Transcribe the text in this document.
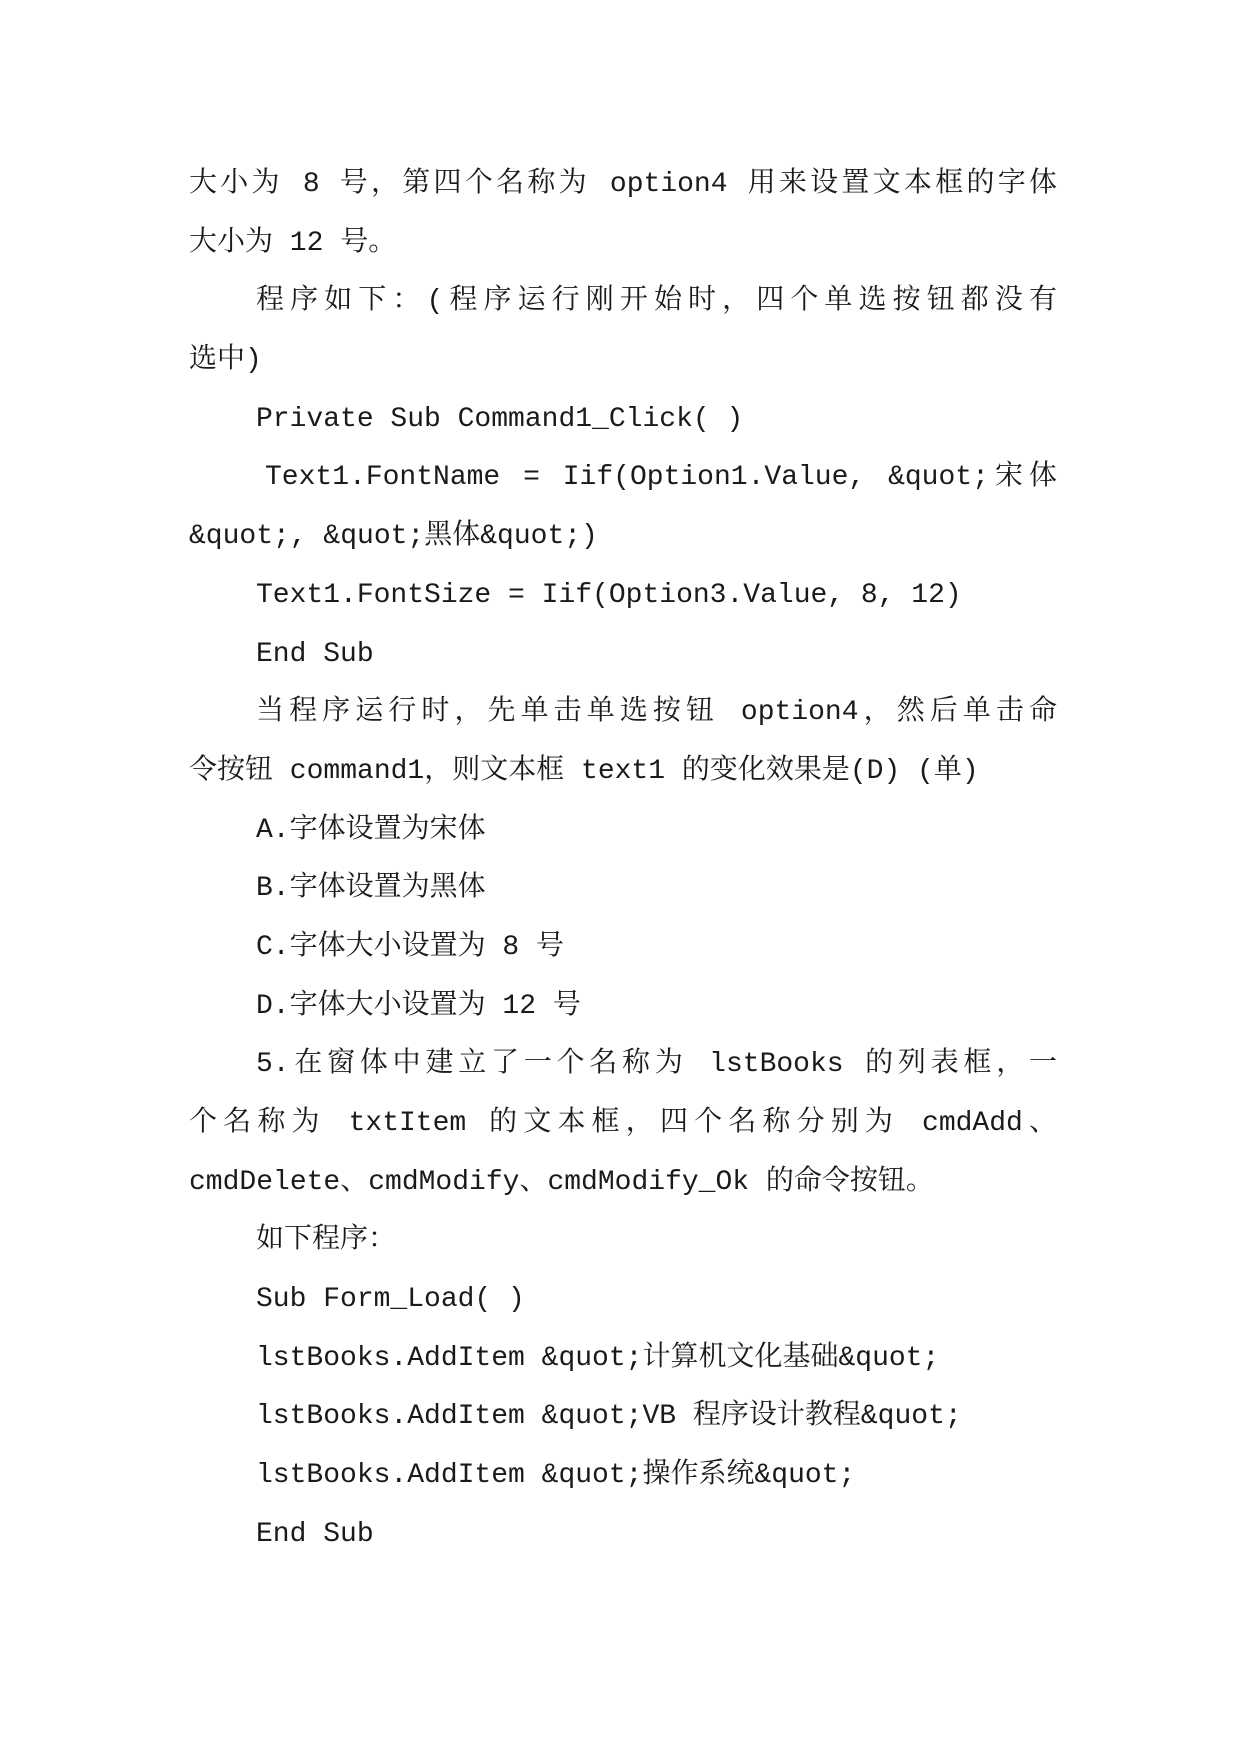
大小为 8 号，第四个名称为 option4 用来设置文本框的字体
大小为 12 号。
程序如下：(程序运行刚开始时，四个单选按钮都没有
选中)
Private Sub Command1_Click( )
Text1.FontName = Iif(Option1.Value, &quot;宋体
&quot;, &quot;黑体&quot;)
Text1.FontSize = Iif(Option3.Value, 8, 12)
End Sub
当程序运行时，先单击单选按钮 option4，然后单击命
令按钮 command1，则文本框 text1 的变化效果是(D) (单)
A.字体设置为宋体
B.字体设置为黑体
C.字体大小设置为 8 号
D.字体大小设置为 12 号
5.在窗体中建立了一个名称为 lstBooks 的列表框，一
个名称为 txtItem 的文本框，四个名称分别为 cmdAdd、
cmdDelete、cmdModify、cmdModify_Ok 的命令按钮。
如下程序：
Sub Form_Load( )
lstBooks.AddItem &quot;计算机文化基础&quot;
lstBooks.AddItem &quot;VB 程序设计教程&quot;
lstBooks.AddItem &quot;操作系统&quot;
End Sub
